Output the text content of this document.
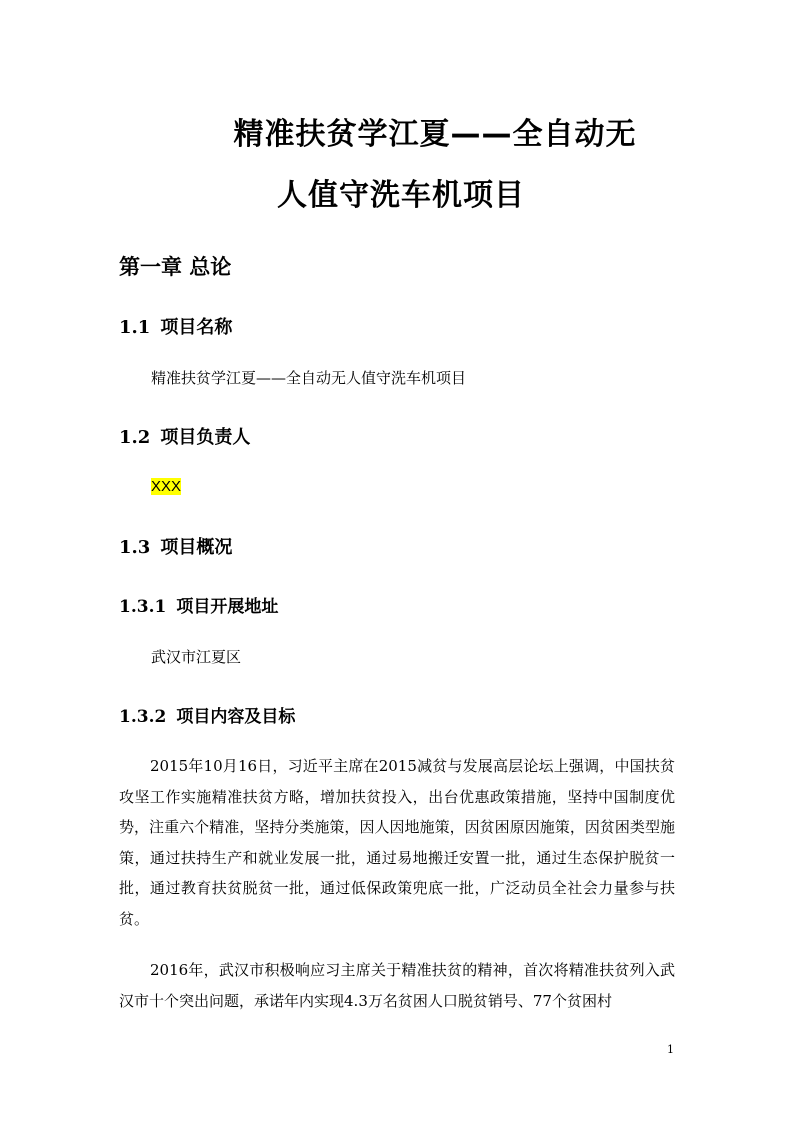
精准扶贫学江夏——全自动无
人值守洗车机项目
第一章 总论
1.1 项目名称
精准扶贫学江夏——全自动无人值守洗车机项目
1.2 项目负责人
XXX
1.3 项目概况
1.3.1 项目开展地址
武汉市江夏区
1.3.2 项目内容及目标
2015年10月16日，习近平主席在2015减贫与发展高层论坛上强调，中国扶贫攻坚工作实施精准扶贫方略，增加扶贫投入，出台优惠政策措施，坚持中国制度优势，注重六个精准，坚持分类施策，因人因地施策，因贫困原因施策，因贫困类型施策，通过扶持生产和就业发展一批，通过易地搬迁安置一批，通过生态保护脱贫一批，通过教育扶贫脱贫一批，通过低保政策兜底一批，广泛动员全社会力量参与扶贫。
2016年，武汉市积极响应习主席关于精准扶贫的精神，首次将精准扶贫列入武汉市十个突出问题，承诺年内实现4.3万名贫困人口脱贫销号、77个贫困村
1
